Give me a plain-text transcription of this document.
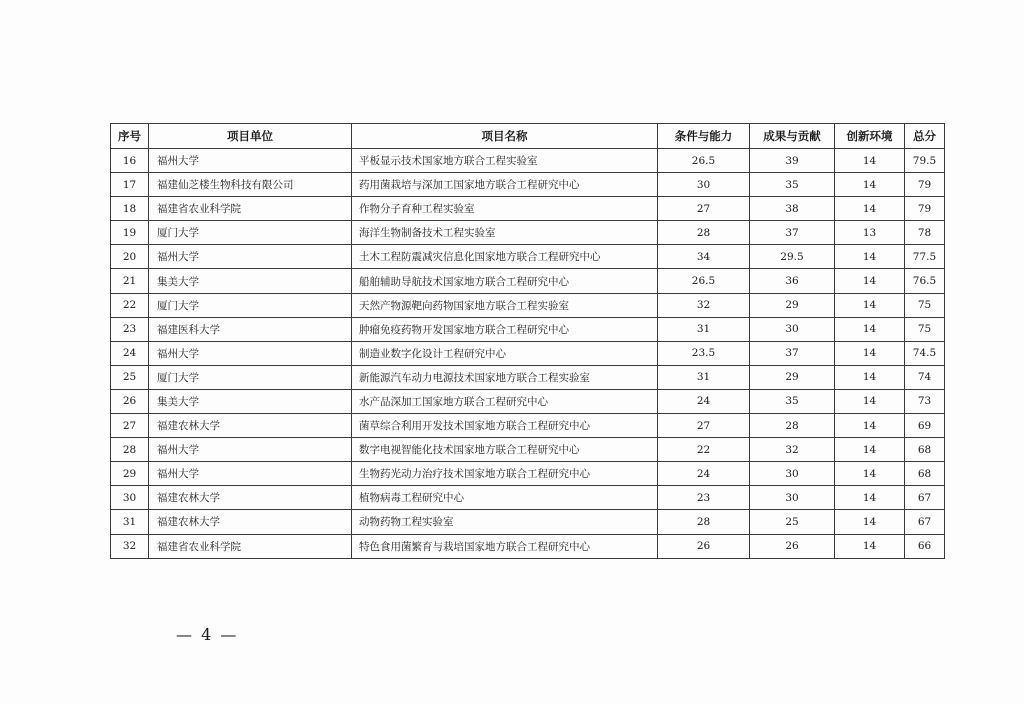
序号	项目单位	项目名称	条件与能力	成果与贡献	创新环境	总分
16	福州大学	平板显示技术国家地方联合工程实验室	26.5	39	14	79.5
17	福建仙芝楼生物科技有限公司	药用菌栽培与深加工国家地方联合工程研究中心	30	35	14	79
18	福建省农业科学院	作物分子育种工程实验室	27	38	14	79
19	厦门大学	海洋生物制备技术工程实验室	28	37	13	78
20	福州大学	土木工程防震减灾信息化国家地方联合工程研究中心	34	29.5	14	77.5
21	集美大学	船舶辅助导航技术国家地方联合工程研究中心	26.5	36	14	76.5
22	厦门大学	天然产物源靶向药物国家地方联合工程实验室	32	29	14	75
23	福建医科大学	肿瘤免疫药物开发国家地方联合工程研究中心	31	30	14	75
24	福州大学	制造业数字化设计工程研究中心	23.5	37	14	74.5
25	厦门大学	新能源汽车动力电源技术国家地方联合工程实验室	31	29	14	74
26	集美大学	水产品深加工国家地方联合工程研究中心	24	35	14	73
27	福建农林大学	菌草综合利用开发技术国家地方联合工程研究中心	27	28	14	69
28	福州大学	数字电视智能化技术国家地方联合工程研究中心	22	32	14	68
29	福州大学	生物药光动力治疗技术国家地方联合工程研究中心	24	30	14	68
30	福建农林大学	植物病毒工程研究中心	23	30	14	67
31	福建农林大学	动物药物工程实验室	28	25	14	67
32	福建省农业科学院	特色食用菌繁育与栽培国家地方联合工程研究中心	26	26	14	66
— 4 —
